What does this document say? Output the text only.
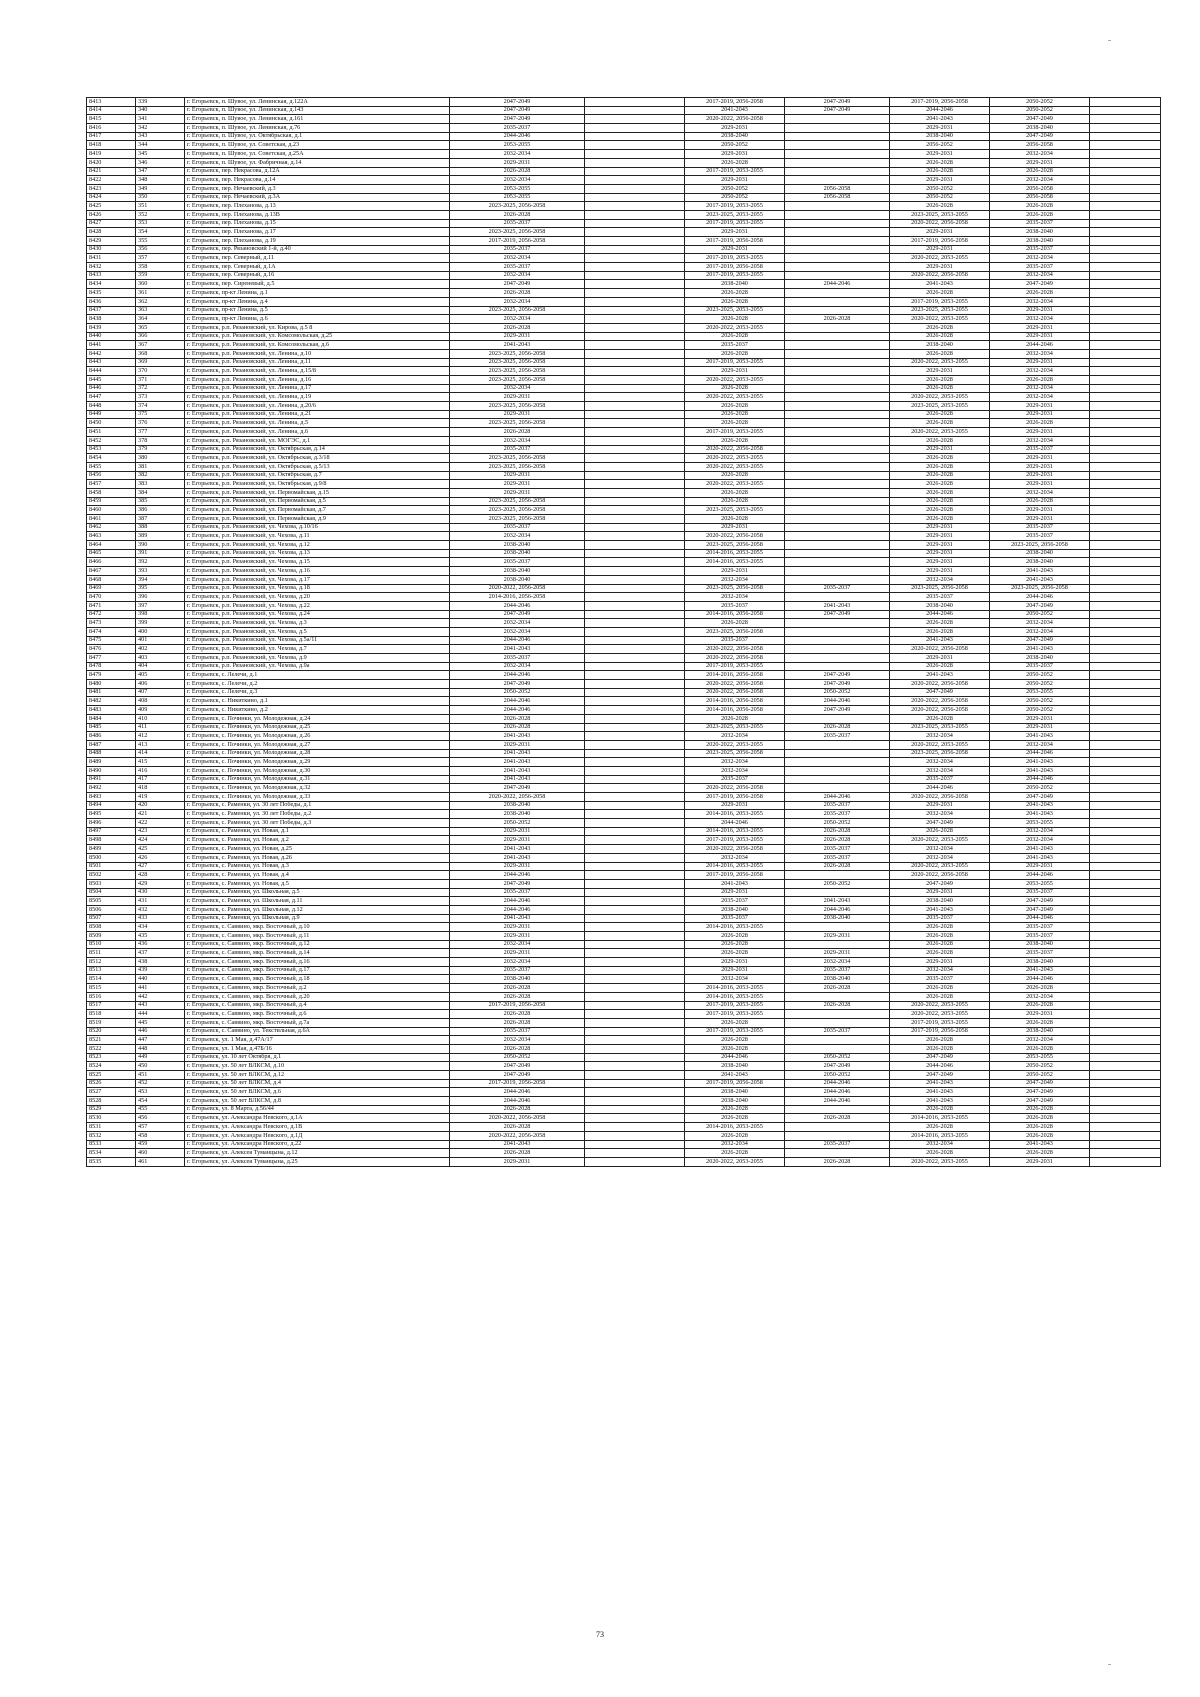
8413	339	г. Егорьевск, п. Шувое, ул. Ленинская, д.122А	2047-2049		2017-2019, 2056-2058	2047-2049	2017-2019, 2056-2058	2050-2052	
8414	340	г. Егорьевск, п. Шувое, ул. Ленинская, д.143	2047-2049		2041-2043	2047-2049	2044-2046	2050-2052	
8415	341	г. Егорьевск, п. Шувое, ул. Ленинская, д.161	2047-2049		2020-2022, 2056-2058		2041-2043	2047-2049	
8416	342	г. Егорьевск, п. Шувое, ул. Ленинская, д.76	2035-2037		2029-2031		2029-2031	2038-2040	
8417	343	г. Егорьевск, п. Шувое, ул. Октябрьская, д.1	2044-2046		2038-2040		2038-2040	2047-2049	
8418	344	г. Егорьевск, п. Шувое, ул. Советская, д.23	2053-2055		2050-2052		2056-2052	2056-2058	
8419	345	г. Егорьевск, п. Шувое, ул. Советская, д.25А	2032-2034		2029-2031		2029-2031	2032-2034	
8420	346	г. Егорьевск, п. Шувое, ул. Фабричная, д.14	2029-2031		2026-2028		2026-2028	2029-2031	
8421	347	г. Егорьевск, пер. Некрасова, д.12А	2026-2028		2017-2019, 2053-2055		2026-2028	2026-2028	
8422	348	г. Егорьевск, пер. Некрасова, д.14	2032-2034		2029-2031		2029-2031	2032-2034	
8423	349	г. Егорьевск, пер. Нечаевский, д.3	2053-2055		2050-2052	2056-2058	2050-2052	2056-2058	
8424	350	г. Егорьевск, пер. Нечаевский, д.3А	2053-2055		2050-2052	2056-2058	2050-2052	2056-2058	
8425	351	г. Егорьевск, пер. Плеханова, д.13	2023-2025, 2056-2058		2017-2019, 2053-2055		2026-2028	2026-2028	
8426	352	г. Егорьевск, пер. Плеханова, д.13В	2026-2028		2023-2025, 2053-2055		2023-2025, 2053-2055	2026-2028	
8427	353	г. Егорьевск, пер. Плеханова, д.15	2035-2037		2017-2019, 2053-2055		2020-2022, 2056-2058	2035-2037	
8428	354	г. Егорьевск, пер. Плеханова, д.17	2023-2025, 2056-2058		2029-2031		2029-2031	2038-2040	
8429	355	г. Егорьевск, пер. Плеханова, д.19	2017-2019, 2056-2058		2017-2019, 2056-2058		2017-2019, 2056-2058	2038-2040	
8430	356	г. Егорьевск, пер. Рязановский 1-й, д.40	2035-2037		2029-2031		2029-2031	2035-2037	
8431	357	г. Егорьевск, пер. Северный, д.11	2032-2034		2017-2019, 2053-2055		2020-2022, 2053-2055	2032-2034	
8432	358	г. Егорьевск, пер. Северный, д.1А	2035-2037		2017-2019, 2056-2058		2029-2031	2035-2037	
8433	359	г. Егорьевск, пер. Северный, д.16	2032-2034		2017-2019, 2053-2055		2020-2022, 2056-2058	2032-2034	
8434	360	г. Егорьевск, пер. Сиреневый, д.5	2047-2049		2038-2040	2044-2046	2041-2043	2047-2049	
8435	361	г. Егорьевск, пр-кт Ленина, д.1	2026-2028		2026-2028		2026-2028	2026-2028	
8436	362	г. Егорьевск, пр-кт Ленина, д.4	2032-2034		2026-2028		2017-2019, 2053-2055	2032-2034	
8437	363	г. Егорьевск, пр-кт Ленина, д.5	2023-2025, 2056-2058		2023-2025, 2053-2055		2023-2025, 2053-2055	2029-2031	
8438	364	г. Егорьевск, пр-кт Ленина, д.6	2032-2034		2026-2028	2026-2028	2020-2022, 2053-2055	2032-2034	
8439	365	г. Егорьевск, р.п. Рязановский, ул. Кирова, д.5 8	2026-2028		2020-2022, 2053-2055		2026-2028	2029-2031	
8440	366	г. Егорьевск, р.п. Рязановский, ул. Комсомольская, д.25	2029-2031		2026-2028		2026-2028	2029-2031	
8441	367	г. Егорьевск, р.п. Рязановский, ул. Комсомольская, д.6	2041-2043		2035-2037		2038-2040	2044-2046	
8442	368	г. Егорьевск, р.п. Рязановский, ул. Ленина, д.10	2023-2025, 2056-2058		2026-2028		2026-2028	2032-2034	
8443	369	г. Егорьевск, р.п. Рязановский, ул. Ленина, д.11	2023-2025, 2056-2058		2017-2019, 2053-2055		2020-2022, 2053-2055	2029-2031	
8444	370	г. Егорьевск, р.п. Рязановский, ул. Ленина, д.15/8	2023-2025, 2056-2058		2029-2031		2029-2031	2032-2034	
8445	371	г. Егорьевск, р.п. Рязановский, ул. Ленина, д.16	2023-2025, 2056-2058		2020-2022, 2053-2055		2026-2028	2026-2028	
8446	372	г. Егорьевск, р.п. Рязановский, ул. Ленина, д.17	2032-2034		2026-2028		2026-2028	2032-2034	
8447	373	г. Егорьевск, р.п. Рязановский, ул. Ленина, д.19	2029-2031		2020-2022, 2053-2055		2020-2022, 2053-2055	2032-2034	
8448	374	г. Егорьевск, р.п. Рязановский, ул. Ленина, д.20/6	2023-2025, 2056-2058		2026-2028		2023-2025, 2053-2055	2029-2031	
8449	375	г. Егорьевск, р.п. Рязановский, ул. Ленина, д.21	2029-2031		2026-2028		2026-2028	2029-2031	
8450	376	г. Егорьевск, р.п. Рязановский, ул. Ленина, д.5	2023-2025, 2056-2058		2026-2028		2026-2028	2026-2028	
8451	377	г. Егорьевск, р.п. Рязановский, ул. Ленина, д.6	2026-2028		2017-2019, 2053-2055		2020-2022, 2053-2055	2029-2031	
8452	378	г. Егорьевск, р.п. Рязановский, ул. МОГЭС, д.1	2032-2034		2026-2028		2026-2028	2032-2034	
8453	379	г. Егорьевск, р.п. Рязановский, ул. Октябрьская, д.14	2035-2037		2020-2022, 2056-2058		2029-2031	2035-2037	
8454	380	г. Егорьевск, р.п. Рязановский, ул. Октябрьская, д.3/18	2023-2025, 2056-2058		2020-2022, 2053-2055		2026-2028	2029-2031	
8455	381	г. Егорьевск, р.п. Рязановский, ул. Октябрьская, д.5/13	2023-2025, 2056-2058		2020-2022, 2053-2055		2026-2028	2029-2031	
8456	382	г. Егорьевск, р.п. Рязановский, ул. Октябрьская, д.7	2029-2031		2026-2028		2026-2028	2029-2031	
8457	383	г. Егорьевск, р.п. Рязановский, ул. Октябрьская, д.9/8	2029-2031		2020-2022, 2053-2055		2026-2028	2029-2031	
8458	384	г. Егорьевск, р.п. Рязановский, ул. Первомайская, д.15	2029-2031		2026-2028		2026-2028	2032-2034	
8459	385	г. Егорьевск, р.п. Рязановский, ул. Первомайская, д.5	2023-2025, 2056-2058		2026-2028		2026-2028	2026-2028	
8460	386	г. Егорьевск, р.п. Рязановский, ул. Первомайская, д.7	2023-2025, 2056-2058		2023-2025, 2053-2055		2026-2028	2029-2031	
8461	387	г. Егорьевск, р.п. Рязановский, ул. Первомайская, д.9	2023-2025, 2056-2058		2026-2028		2026-2028	2029-2031	
8462	388	г. Егорьевск, р.п. Рязановский, ул. Чехова, д.10/16	2035-2037		2029-2031		2029-2031	2035-2037	
8463	389	г. Егорьевск, р.п. Рязановский, ул. Чехова, д.11	2032-2034		2020-2022, 2056-2058		2029-2031	2035-2037	
8464	390	г. Егорьевск, р.п. Рязановский, ул. Чехова, д.12	2038-2040		2023-2025, 2056-2058		2029-2031	2023-2025, 2056-2058	
8465	391	г. Егорьевск, р.п. Рязановский, ул. Чехова, д.13	2038-2040		2014-2016, 2053-2055		2029-2031	2038-2040	
8466	392	г. Егорьевск, р.п. Рязановский, ул. Чехова, д.15	2035-2037		2014-2016, 2053-2055		2029-2031	2038-2040	
8467	393	г. Егорьевск, р.п. Рязановский, ул. Чехова, д.16	2038-2040		2029-2031		2029-2031	2041-2043	
8468	394	г. Егорьевск, р.п. Рязановский, ул. Чехова, д.17	2038-2040		2032-2034		2032-2034	2041-2043	
8469	395	г. Егорьевск, р.п. Рязановский, ул. Чехова, д.18	2020-2022, 2056-2058		2023-2025, 2056-2058	2035-2037	2023-2025, 2056-2058	2023-2025, 2056-2058	
8470	396	г. Егорьевск, р.п. Рязановский, ул. Чехова, д.20	2014-2016, 2056-2058		2032-2034		2035-2037	2044-2046	
8471	397	г. Егорьевск, р.п. Рязановский, ул. Чехова, д.22	2044-2046		2035-2037	2041-2043	2038-2040	2047-2049	
8472	398	г. Егорьевск, р.п. Рязановский, ул. Чехова, д.24	2047-2049		2014-2016, 2056-2058	2047-2049	2044-2046	2050-2052	
8473	399	г. Егорьевск, р.п. Рязановский, ул. Чехова, д.3	2032-2034		2026-2028		2026-2028	2032-2034	
8474	400	г. Егорьевск, р.п. Рязановский, ул. Чехова, д.5	2032-2034		2023-2025, 2056-2058		2026-2028	2032-2034	
8475	401	г. Егорьевск, р.п. Рязановский, ул. Чехова, д.5а/11	2044-2046		2035-2037		2041-2043	2047-2049	
8476	402	г. Егорьевск, р.п. Рязановский, ул. Чехова, д.7	2041-2043		2020-2022, 2056-2058		2020-2022, 2056-2058	2041-2043	
8477	403	г. Егорьевск, р.п. Рязановский, ул. Чехова, д.9	2035-2037		2020-2022, 2056-2058		2029-2031	2038-2040	
8478	404	г. Егорьевск, р.п. Рязановский, ул. Чехова, д.9а	2032-2034		2017-2019, 2053-2055		2026-2028	2035-2037	
8479	405	г. Егорьевск, с. Лелечи, д.1	2044-2046		2014-2016, 2056-2058	2047-2049	2041-2043	2050-2052	
8480	406	г. Егорьевск, с. Лелечи, д.2	2047-2049		2020-2022, 2056-2058	2047-2049	2020-2022, 2056-2058	2050-2052	
8481	407	г. Егорьевск, с. Лелечи, д.3	2050-2052		2020-2022, 2056-2058	2050-2052	2047-2049	2053-2055	
8482	408	г. Егорьевск, с. Никиткино, д.1	2044-2046		2014-2016, 2056-2058	2044-2046	2020-2022, 2056-2058	2050-2052	
8483	409	г. Егорьевск, с. Никиткино, д.2	2044-2046		2014-2016, 2056-2058	2047-2049	2020-2022, 2056-2058	2050-2052	
8484	410	г. Егорьевск, с. Починки, ул. Молодежная, д.24	2026-2028		2026-2028		2026-2028	2029-2031	
8485	411	г. Егорьевск, с. Починки, ул. Молодежная, д.25	2026-2028		2023-2025, 2053-2055	2026-2028	2023-2025, 2053-2055	2029-2031	
8486	412	г. Егорьевск, с. Починки, ул. Молодежная, д.26	2041-2043		2032-2034	2035-2037	2032-2034	2041-2043	
8487	413	г. Егорьевск, с. Починки, ул. Молодежная, д.27	2029-2031		2020-2022, 2053-2055		2020-2022, 2053-2055	2032-2034	
8488	414	г. Егорьевск, с. Починки, ул. Молодежная, д.28	2041-2043		2023-2025, 2056-2058		2023-2025, 2056-2058	2044-2046	
8489	415	г. Егорьевск, с. Починки, ул. Молодежная, д.29	2041-2043		2032-2034		2032-2034	2041-2043	
8490	416	г. Егорьевск, с. Починки, ул. Молодежная, д.30	2041-2043		2032-2034		2032-2034	2041-2043	
8491	417	г. Егорьевск, с. Починки, ул. Молодежная, д.31	2041-2043		2035-2037		2035-2037	2044-2046	
8492	418	г. Егорьевск, с. Починки, ул. Молодежная, д.32	2047-2049		2020-2022, 2056-2058		2044-2046	2050-2052	
8493	419	г. Егорьевск, с. Починки, ул. Молодежная, д.33	2020-2022, 2056-2058		2017-2019, 2056-2058	2044-2046	2020-2022, 2056-2058	2047-2049	
8494	420	г. Егорьевск, с. Раменки, ул. 30 лет Победы, д.1	2038-2040		2029-2031	2035-2037	2029-2031	2041-2043	
8495	421	г. Егорьевск, с. Раменки, ул. 30 лет Победы, д.2	2038-2040		2014-2016, 2053-2055	2035-2037	2032-2034	2041-2043	
8496	422	г. Егорьевск, с. Раменки, ул. 30 лет Победы, д.3	2050-2052		2044-2046	2050-2052	2047-2049	2053-2055	
8497	423	г. Егорьевск, с. Раменки, ул. Новая, д.1	2029-2031		2014-2016, 2053-2055	2026-2028	2026-2028	2032-2034	
8498	424	г. Егорьевск, с. Раменки, ул. Новая, д.2	2029-2031		2017-2019, 2053-2055	2026-2028	2020-2022, 2053-2055	2032-2034	
8499	425	г. Егорьевск, с. Раменки, ул. Новая, д.25	2041-2043		2020-2022, 2056-2058	2035-2037	2032-2034	2041-2043	
8500	426	г. Егорьевск, с. Раменки, ул. Новая, д.26	2041-2043		2032-2034	2035-2037	2032-2034	2041-2043	
8501	427	г. Егорьевск, с. Раменки, ул. Новая, д.3	2029-2031		2014-2016, 2053-2055	2026-2028	2020-2022, 2053-2055	2029-2031	
8502	428	г. Егорьевск, с. Раменки, ул. Новая, д.4	2044-2046		2017-2019, 2056-2058		2020-2022, 2056-2058	2044-2046	
8503	429	г. Егорьевск, с. Раменки, ул. Новая, д.5	2047-2049		2041-2043	2050-2052	2047-2049	2053-2055	
8504	430	г. Егорьевск, с. Раменки, ул. Школьная, д.5	2035-2037		2029-2031		2029-2031	2035-2037	
8505	431	г. Егорьевск, с. Раменки, ул. Школьная, д.11	2044-2046		2035-2037	2041-2043	2038-2040	2047-2049	
8506	432	г. Егорьевск, с. Раменки, ул. Школьная, д.12	2044-2046		2038-2040	2044-2046	2041-2043	2047-2049	
8507	433	г. Егорьевск, с. Раменки, ул. Школьная, д.9	2041-2043		2035-2037	2038-2040	2035-2037	2044-2046	
8508	434	г. Егорьевск, с. Саввино, мкр. Восточный, д.10	2029-2031		2014-2016, 2053-2055		2026-2028	2035-2037	
8509	435	г. Егорьевск, с. Саввино, мкр. Восточный, д.11	2029-2031		2026-2028	2029-2031	2026-2028	2035-2037	
8510	436	г. Егорьевск, с. Саввино, мкр. Восточный, д.12	2032-2034		2026-2028		2026-2028	2038-2040	
8511	437	г. Егорьевск, с. Саввино, мкр. Восточный, д.14	2029-2031		2026-2028	2029-2031	2026-2028	2035-2037	
8512	438	г. Егорьевск, с. Саввино, мкр. Восточный, д.16	2032-2034		2029-2031	2032-2034	2029-2031	2038-2040	
8513	439	г. Егорьевск, с. Саввино, мкр. Восточный, д.17	2035-2037		2029-2031	2035-2037	2032-2034	2041-2043	
8514	440	г. Егорьевск, с. Саввино, мкр. Восточный, д.18	2038-2040		2032-2034	2038-2040	2035-2037	2044-2046	
8515	441	г. Егорьевск, с. Саввино, мкр. Восточный, д.2	2026-2028		2014-2016, 2053-2055	2026-2028	2026-2028	2026-2028	
8516	442	г. Егорьевск, с. Саввино, мкр. Восточный, д.20	2026-2028		2014-2016, 2053-2055		2026-2028	2032-2034	
8517	443	г. Егорьевск, с. Саввино, мкр. Восточный, д.4	2017-2019, 2056-2058		2017-2019, 2053-2055	2026-2028	2020-2022, 2053-2055	2026-2028	
8518	444	г. Егорьевск, с. Саввино, мкр. Восточный, д.6	2026-2028		2017-2019, 2053-2055		2020-2022, 2053-2055	2029-2031	
8519	445	г. Егорьевск, с. Саввино, мкр. Восточный, д.7а	2026-2028		2026-2028		2017-2019, 2053-2055	2026-2028	
8520	446	г. Егорьевск, с. Саввино, ул. Текстильная, д.6А	2035-2037		2017-2019, 2053-2055	2035-2037	2017-2019, 2056-2058	2038-2040	
8521	447	г. Егорьевск, ул. 1 Мая, д.47А/17	2032-2034		2026-2028		2026-2028	2032-2034	
8522	448	г. Егорьевск, ул. 1 Мая, д.47Б/16	2026-2028		2026-2028		2026-2028	2026-2028	
8523	449	г. Егорьевск, ул. 10 лет Октября, д.1	2050-2052		2044-2046	2050-2052	2047-2049	2053-2055	
8524	450	г. Егорьевск, ул. 50 лет ВЛКСМ, д.10	2047-2049		2038-2040	2047-2049	2044-2046	2050-2052	
8525	451	г. Егорьевск, ул. 50 лет ВЛКСМ, д.12	2047-2049		2041-2043	2050-2052	2047-2049	2050-2052	
8526	452	г. Егорьевск, ул. 50 лет ВЛКСМ, д.4	2017-2019, 2056-2058		2017-2019, 2056-2058	2044-2046	2041-2043	2047-2049	
8527	453	г. Егорьевск, ул. 50 лет ВЛКСМ, д.6	2044-2046		2038-2040	2044-2046	2041-2043	2047-2049	
8528	454	г. Егорьевск, ул. 50 лет ВЛКСМ, д.8	2044-2046		2038-2040	2044-2046	2041-2043	2047-2049	
8529	455	г. Егорьевск, ул. 8 Марта, д.56/44	2026-2028		2026-2028		2026-2028	2026-2028	
8530	456	г. Егорьевск, ул. Александра Невского, д.1А	2020-2022, 2056-2058		2026-2028	2026-2028	2014-2016, 2053-2055	2026-2028	
8531	457	г. Егорьевск, ул. Александра Невского, д.1В	2026-2028		2014-2016, 2053-2055		2026-2028	2026-2028	
8532	458	г. Егорьевск, ул. Александра Невского, д.1Д	2020-2022, 2056-2058		2026-2028		2014-2016, 2053-2055	2026-2028	
8533	459	г. Егорьевск, ул. Александра Невского, д.22	2041-2043		2032-2034	2035-2037	2032-2034	2041-2043	
8534	460	г. Егорьевск, ул. Алексея Туманцына, д.12	2026-2028		2026-2028		2026-2028	2026-2028	
8535	461	г. Егорьевск, ул. Алексея Туманцына, д.25	2029-2031		2020-2022, 2053-2055	2026-2028	2020-2022, 2053-2055	2029-2031	
73
